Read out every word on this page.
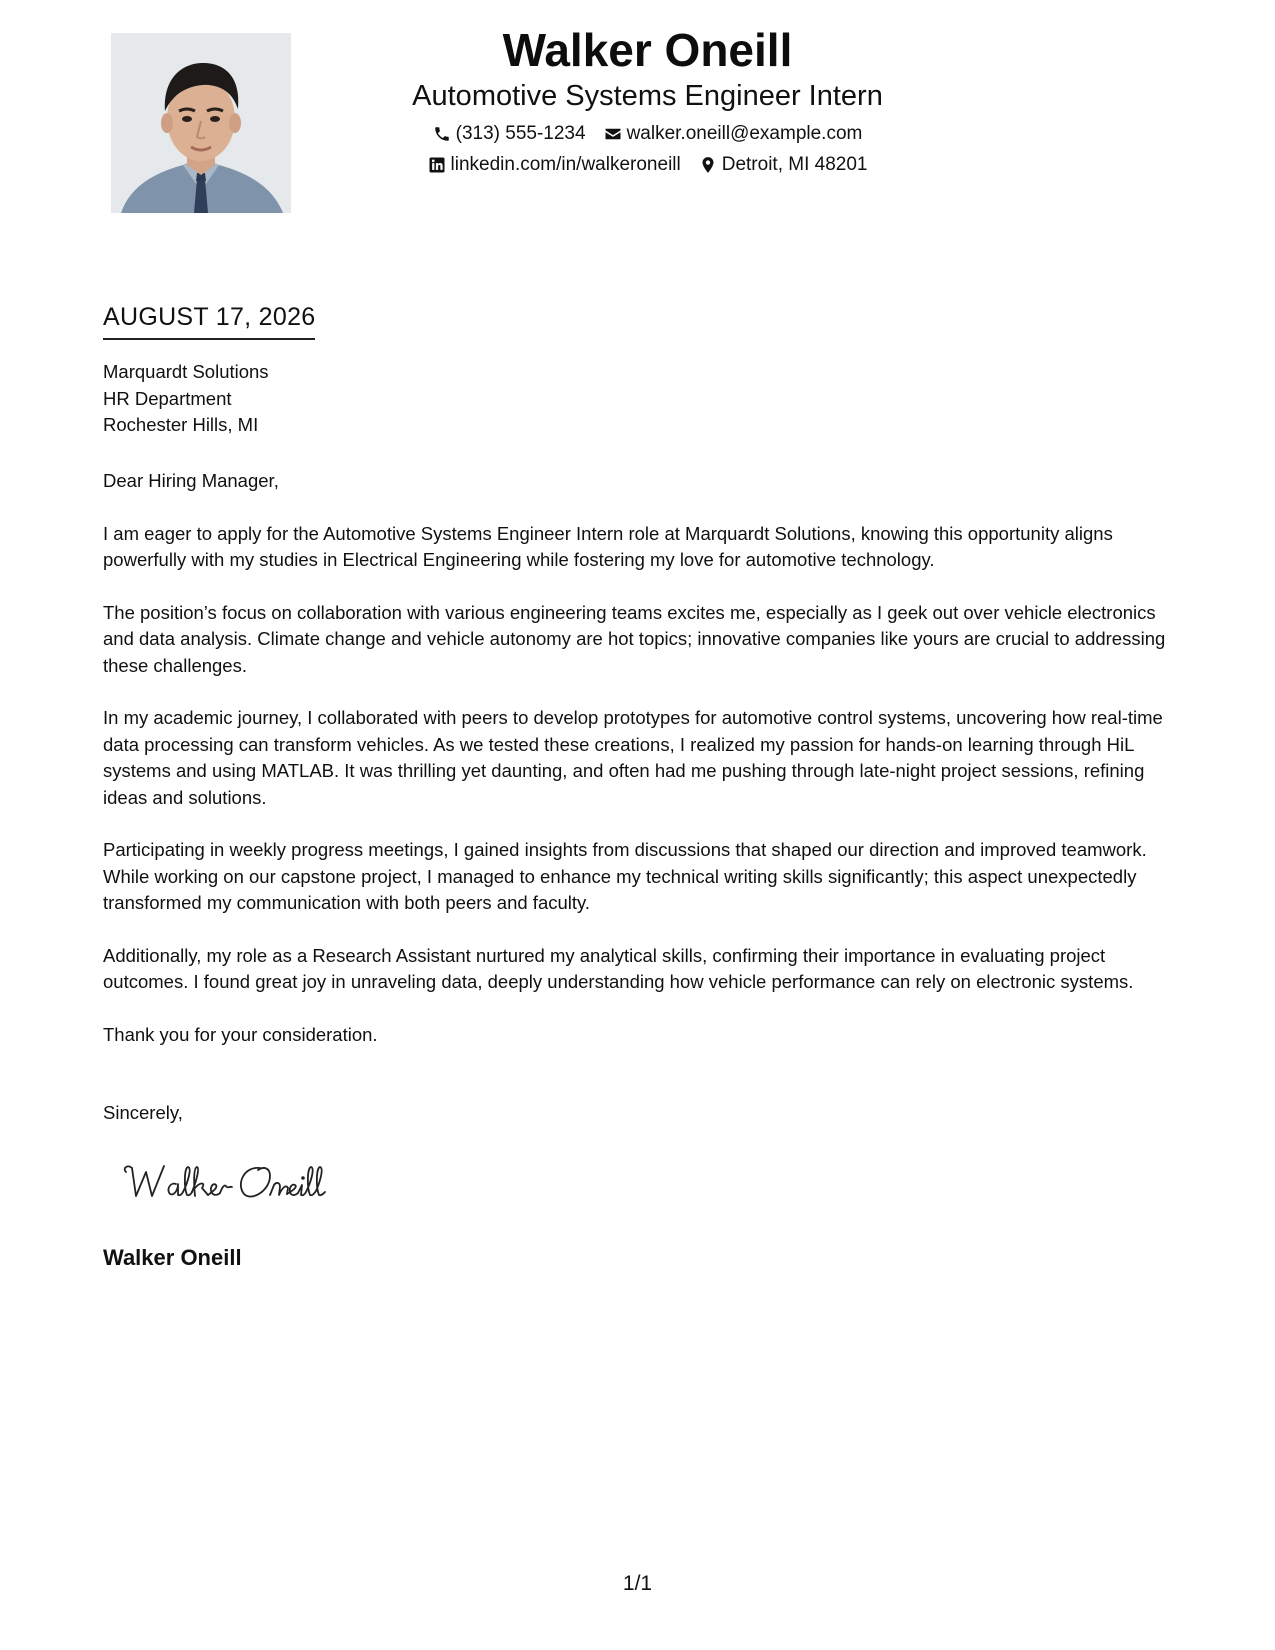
Walker Oneill
Automotive Systems Engineer Intern
(313) 555-1234 walker.oneill@example.com
linkedin.com/in/walkeroneill Detroit, MI 48201
AUGUST 17, 2026
Marquardt Solutions
HR Department
Rochester Hills, MI

Dear Hiring Manager,

I am eager to apply for the Automotive Systems Engineer Intern role at Marquardt Solutions, knowing this opportunity aligns powerfully with my studies in Electrical Engineering while fostering my love for automotive technology.

The position’s focus on collaboration with various engineering teams excites me, especially as I geek out over vehicle electronics and data analysis. Climate change and vehicle autonomy are hot topics; innovative companies like yours are crucial to addressing these challenges.

In my academic journey, I collaborated with peers to develop prototypes for automotive control systems, uncovering how real-time data processing can transform vehicles. As we tested these creations, I realized my passion for hands-on learning through HiL systems and using MATLAB. It was thrilling yet daunting, and often had me pushing through late-night project sessions, refining ideas and solutions.

Participating in weekly progress meetings, I gained insights from discussions that shaped our direction and improved teamwork. While working on our capstone project, I managed to enhance my technical writing skills significantly; this aspect unexpectedly transformed my communication with both peers and faculty.

Additionally, my role as a Research Assistant nurtured my analytical skills, confirming their importance in evaluating project outcomes. I found great joy in unraveling data, deeply understanding how vehicle performance can rely on electronic systems.

Thank you for your consideration.

Sincerely,
Walker Oneill
1/1
